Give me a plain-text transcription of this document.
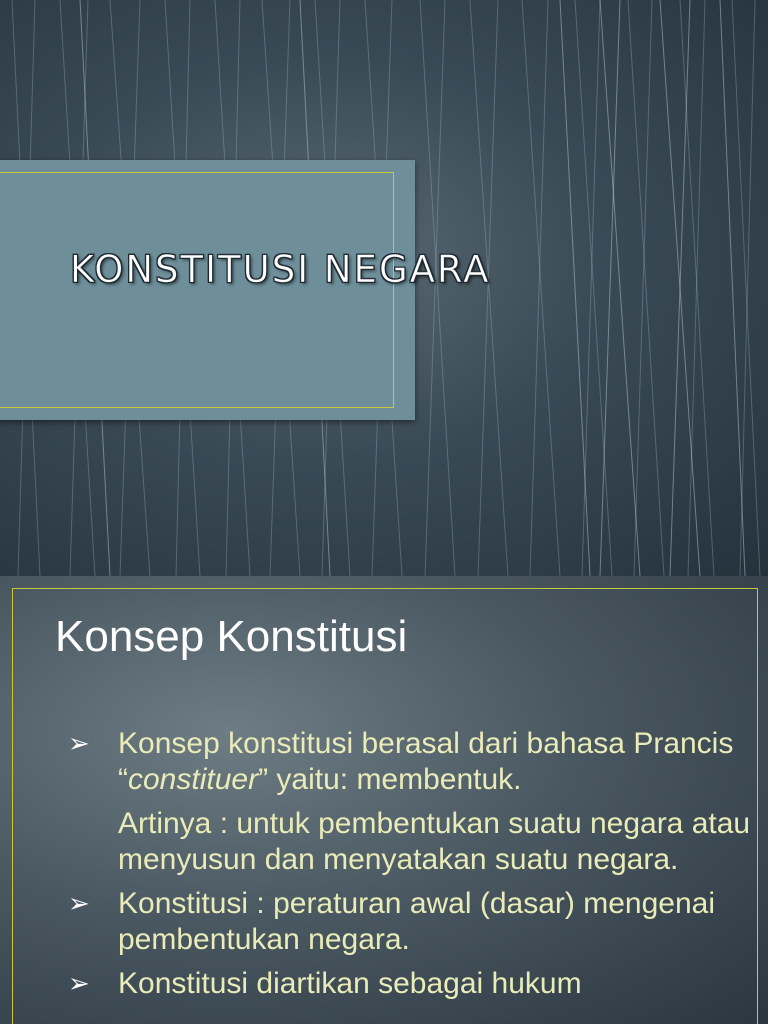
KONSTITUSI NEGARA
Konsep Konstitusi
➢ Konsep konstitusi berasal dari bahasa Prancis “constituer” yaitu: membentuk.

Artinya : untuk pembentukan suatu negara atau menyusun dan menyatakan suatu negara.

➢ Konstitusi : peraturan awal (dasar) mengenai pembentukan negara.

➢ Konstitusi diartikan sebagai hukum
